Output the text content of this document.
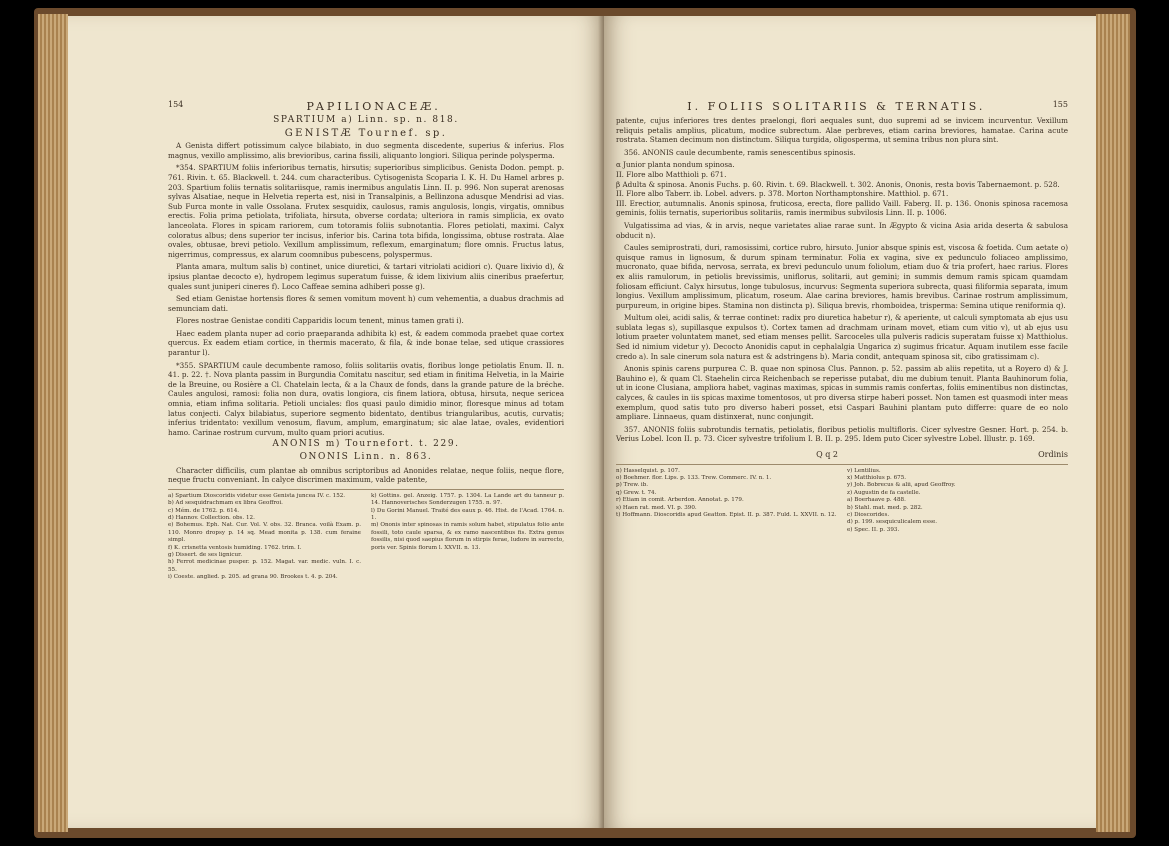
154	PAPILIONACEÆ.
SPARTIUM a) Linn. sp. n. 818.
GENISTÆ Tournef. sp.

A Genista differt potissimum calyce bilabiato, in duo segmenta discedente, superius & inferius. Flos magnus, vexillo amplissimo, alis brevioribus, carina fissili, aliquanto longiori. Siliqua perinde polysperma.

*354. SPARTIUM foliis inferioribus ternatis, hirsutis; superioribus simplicibus. Genista Dodon. pempt. p. 761. Rivin. t. 65. Blackwell. t. 244. cum characteribus. Cytisogenista Scoparia I. K. H. Du Hamel arbres p. 203. Spartium foliis ternatis solitariisque, ramis inermibus angulatis Linn. II. p. 996. Non superat arenosas sylvas Alsatiae, neque in Helvetia reperta est, nisi in Transalpinis, a Bellinzona adusque Mendrisi ad vias. Sub Furca monte in valle Ossolana. Frutex sesquidix, caulosus, ramis angulosis, longis, virgatis, omnibus erectis. Folia prima petiolata, trifoliata, hirsuta, obverse cordata; ulteriora in ramis simplicia, ex ovato lanceolata. Flores in spicam rariorem, cum totoramis foliis subnotantia. Flores petiolati, maximi. Calyx coloratus albus; dens superior ter incisus, inferior bis. Carina tota bifida, longissima, obtuse rostrata. Alae ovales, obtusae, brevi petiolo. Vexillum amplissimum, reflexum, emarginatum; flore omnis. Fructus latus, nigerrimus, compressus, ex alarum coomnibus pubescens, polyspermus.

Planta amara, multum salis b) continet, unice diuretici, & tartari vitriolati acidiori c). Quare lixivio d), & ipsius plantae decocto e), hydropem legimus superatum fuisse, & idem lixivium aliis cineribus praefertur, quales sunt juniperi cineres f). Loco Caffeae semina adhiberi posse g).

Sed etiam Genistae hortensis flores & semen vomitum movent h) cum vehementia, a duabus drachmis ad semunciam dati.

Flores nostrae Genistae conditi Capparidis locum tenent, minus tamen grati i).

Haec eadem planta nuper ad corio praeparanda adhibita k) est, & eadem commoda praebet quae cortex quercus. Ex eadem etiam cortice, in thermis macerato, & fila, & inde bonae telae, sed utique crassiores parantur l).

*355. SPARTIUM caule decumbente ramoso, foliis solitariis ovatis, floribus longe petiolatis Enum. II. n. 41. p. 22. †. Nova planta passim in Burgundia Comitatu nascitur, sed etiam in finitima Helvetia, in la Mairie de la Breuine, ou Rosière a Cl. Chatelain lecta, & a la Chaux de fonds, dans la grande pature de la bréche. Caules angulosi, ramosi: folia non dura, ovatis longiora, cis finem latiora, obtusa, hirsuta, neque sericea omnia, etiam infima solitaria. Petioli unciales: flos quasi paulo dimidio minor, floresque minus ad totam latus conjecti. Calyx bilabiatus, superiore segmento bidentato, dentibus triangularibus, acutis, curvatis; inferius tridentato: vexillum venosum, flavum, amplum, emarginatum; sic alae latae, ovales, evidentiori hamo. Carinae rostrum curvum, multo quam priori acutius.

ANONIS m) Tournefort. t. 229.
ONONIS Linn. n. 863.

Character difficilis, cum plantae ab omnibus scriptoribus ad Anonides relatae, neque foliis, neque flore, neque fructu conveniant. In calyce discrimen maximum, valde patente,

a) Spartium Dioscoridis videtur esse Genista juncea IV. c. 152.
b) Ad sesquidrachmam ex libra Geoffroi.
c) Mém. de 1762. p. 614.
d) Hannov. Collection. obs. 12.
e) Bohemus. Eph. Nat. Cur. Vol. V. obs. 32. Branca. voilà Exam. p. 110. Monro dropsy p. 14 sq. Mead monita p. 138. cum feraine simpl.
f) K. crisnetta ventosis humiding. 1762. trim. I.
g) Dissert. de ses lignicur.
h) Ferrot medicinae pusper. p. 152. Magat. var. medic. vuln. I. c. 55.
i) Coeste. anglied. p. 205. ad grana 90. Brookes t. 4. p. 204.
k) Gottins. gel. Anzeig. 1757. p. 1304. La Lande art du tanneur p. 14. Hannoverisches Sonderzugen 1755. n. 97.
l) Du Gorini Manuel. Traité des eaux p. 46. Hist. de l'Acad. 1764. n. 1.
m) Ononis inter spinosas in ramis solum habet, stipulatus folio ante fossili, toto caule sparsa, & ex ramo nascentibus fis. Extra genus fossilis, nisi quod saepius florum in stirpis ferae, ludore in surrecto, poris ver. Spinis florum l. XXVII. n. 13.
I. FOLIIS SOLITARIIS & TERNATIS.	155

patente, cujus inferiores tres dentes praelongi, flori aequales sunt, duo supremi ad se invicem incurventur. Vexillum reliquis petalis amplius, plicatum, modice subrectum. Alae perbreves, etiam carina breviores, hamatae. Carina acute rostrata. Stamen decimum non distinctum. Siliqua turgida, oligosperma, ut semina tribus non plura sint.

356. ANONIS caule decumbente, ramis senescentibus spinosis.

α Junior planta nondum spinosa.
II. Flore albo Matthioli p. 671.
β Adulta & spinosa. Anonis Fuchs. p. 60. Rivin. t. 69. Blackwell. t. 302. Anonis, Ononis, resta bovis Tabernaemont. p. 528.
II. Flore albo Taberr. ib. Lobel. advers. p. 378. Morton Northamptonshire. Matthiol. p. 671.
III. Erectior, autumnalis. Anonis spinosa, fruticosa, erecta, flore pallido Vaill. Faberg. II. p. 136. Ononis spinosa racemosa geminis, foliis ternatis, superioribus solitariis, ramis inermibus subvilosis Linn. II. p. 1006.

Vulgatissima ad vias, & in arvis, neque varietates aliae rarae sunt. In Ægypto & vicina Asia arida deserta & sabulosa obducit n).

Caules semiprostrati, duri, ramosissimi, cortice rubro, hirsuto. Junior absque spinis est, viscosa & foetida. Cum aetate o) quisque ramus in lignosum, & durum spinam terminatur. Folia ex vagina, sive ex pedunculo foliaceo amplissimo, mucronato, quae bifida, nervosa, serrata, ex brevi pedunculo unum foliolum, etiam duo & tria profert, haec rarius. Flores ex aliis ramulorum, in petiolis brevissimis, uniflorus, solitarii, aut gemini; in summis demum ramis spicam quamdam foliosam efficiunt. Calyx hirsutus, longe tubulosus, incurvus: Segmenta superiora subrecta, quasi filiformia separata, imum longius. Vexillum amplissimum, plicatum, roseum. Alae carina breviores, hamis brevibus. Carinae rostrum amplissimum, purpureum, in origine bipes. Stamina non distincta p). Siliqua brevis, rhomboidea, trisperma: Semina utique reniformia q).

Multum olei, acidi salis, & terrae continet: radix pro diuretica habetur r), & aperiente, ut calculi symptomata ab ejus usu sublata legas s), supillasque expulsos t). Cortex tamen ad drachmam urinam movet, etiam cum vitio v), ut ab ejus usu lotium praeter voluntatem manet, sed etiam menses pellit. Sarcoceles ulla pulveris radicis superatam fuisse x) Matthiolus. Sed id nimium videtur y). Decocto Anonidis caput in cephalalgia Ungarica z) sugimus fricatur. Aquam inutilem esse facile credo a). In sale cinerum sola natura est & adstringens b). Maria condit, antequam spinosa sit, cibo gratissimam c).

Anonis spinis carens purpurea C. B. quae non spinosa Clus. Pannon. p. 52. passim ab aliis repetita, ut a Royero d) & J. Bauhino e), & quam Cl. Staehelin circa Reichenbach se reperisse putabat, diu me dubium tenuit. Planta Bauhinorum folia, ut in icone Clusiana, ampliora habet, vaginas maximas, spicas in summis ramis confertas, foliis eminentibus non distinctas, calyces, & caules in iis spicas maxime tomentosos, ut pro diversa stirpe haberi posset. Non tamen est quasmodi inter meas exemplum, quod satis tuto pro diverso haberi posset, etsi Caspari Bauhini plantam puto differre: quare de eo nolo ampliare. Linnaeus, quam distinxerat, nunc conjungit.

357. ANONIS foliis subrotundis ternatis, petiolatis, floribus petiolis multifloris. Cicer sylvestre Gesner. Hort. p. 254. b. Verius Lobel. Icon II. p. 73. Cicer sylvestre trifolium I. B. II. p. 295. Idem puto Cicer sylvestre Lobel. Illustr. p. 169.

Q q 2	Ordinis
n) Hasselquist. p. 107.
o) Boehmer. flor. Lips. p. 133. Trew. Commerc. IV. n. 1.
p) Trew. ib.
q) Grew. t. 74.
r) Etiam in comit. Arberdon. Annotat. p. 179.
s) Haen rat. med. VI. p. 390.
t) Hoffmann. Dioscoridis apud Geatton. Epist. II. p. 387. Fuld. L. XXVII. n. 12.
v) Lentilius.
x) Matthiolus p. 675.
y) Joh. Bobrecus & alii, apud Geoffroy.
z) Augustin de fa castelle.
a) Boerhaave p. 488.
b) Stahl. mat. med. p. 282.
c) Dioscorides.
d) p. 199. sesquiculicalem esse.
e) Spec. II. p. 393.
